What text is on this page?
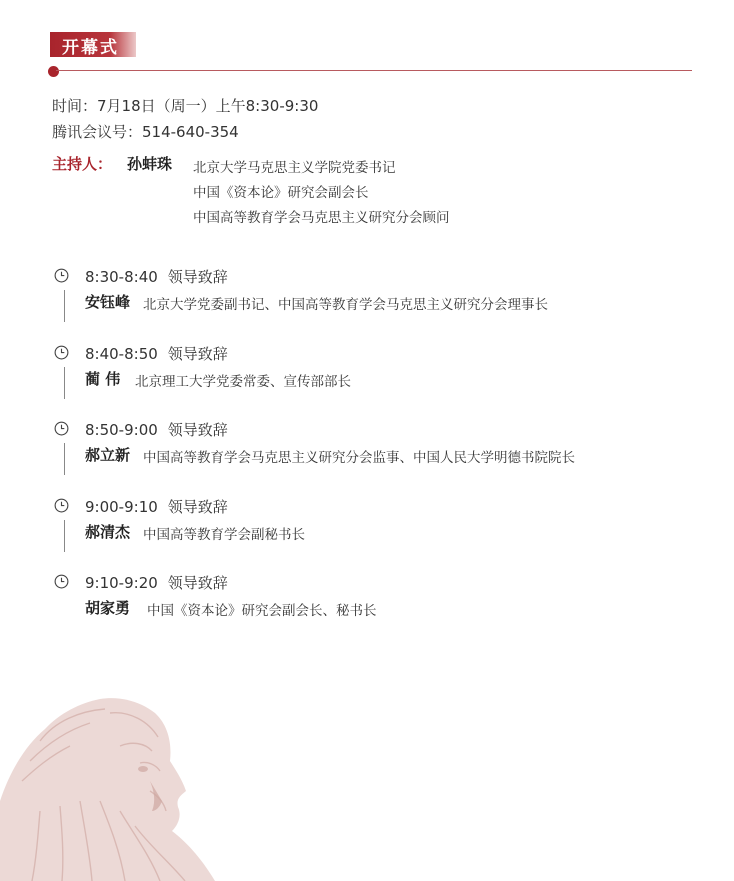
开幕式
时间：7月18日（周一）上午8:30-9:30
腾讯会议号：514-640-354
主持人： 孙蚌珠 北京大学马克思主义学院党委书记
中国《资本论》研究会副会长
中国高等教育学会马克思主义研究分会顾问
8:30-8:40 领导致辞
安钰峰 北京大学党委副书记、中国高等教育学会马克思主义研究分会理事长
8:40-8:50 领导致辞
蔺 伟 北京理工大学党委常委、宣传部部长
8:50-9:00 领导致辞
郝立新 中国高等教育学会马克思主义研究分会监事、中国人民大学明德书院院长
9:00-9:10 领导致辞
郝清杰 中国高等教育学会副秘书长
9:10-9:20 领导致辞
胡家勇 中国《资本论》研究会副会长、秘书长
